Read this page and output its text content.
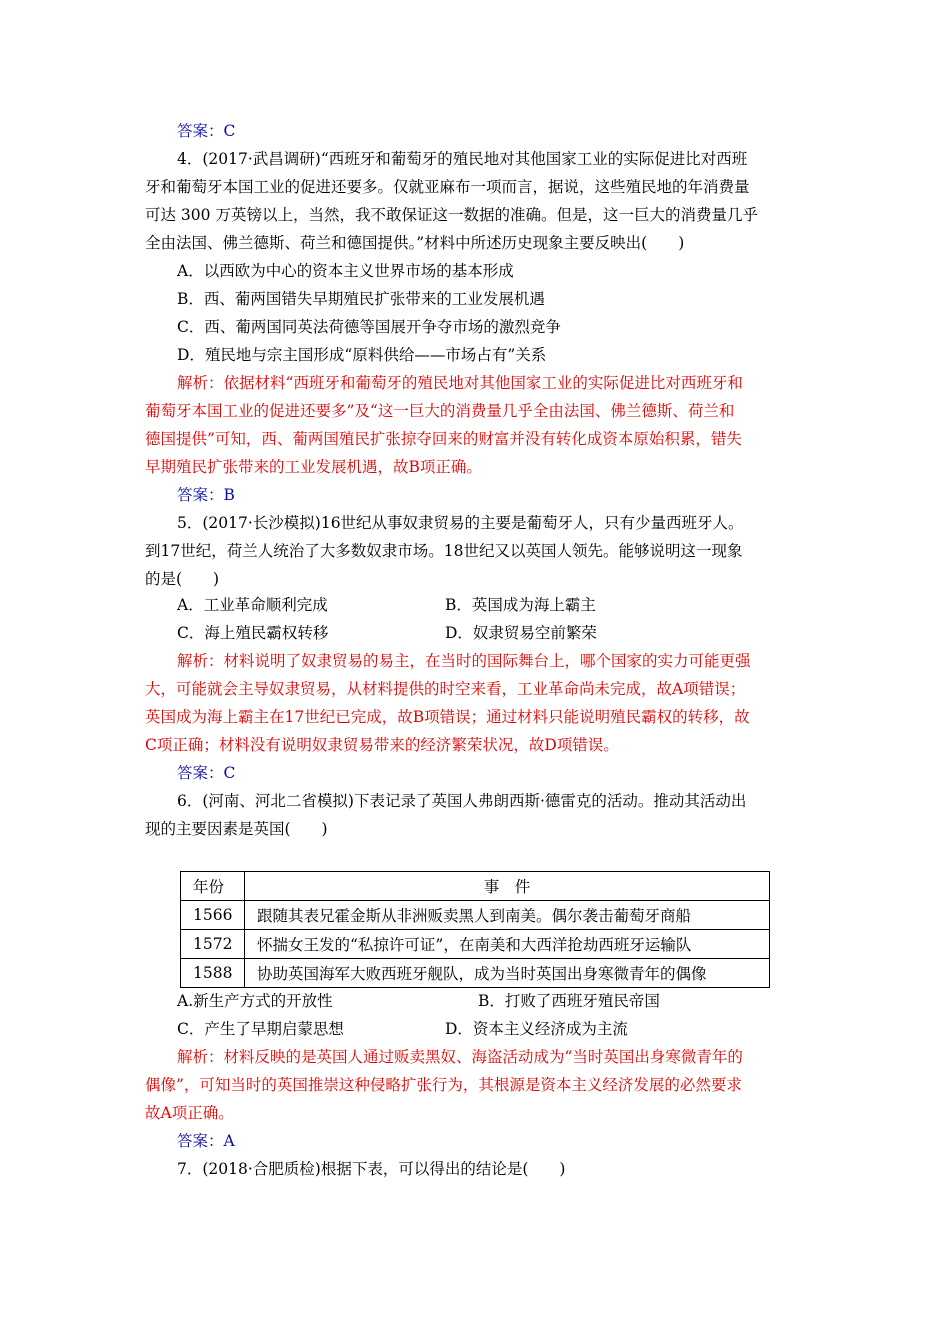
答案：C
4．(2017·武昌调研)“西班牙和葡萄牙的殖民地对其他国家工业的实际促进比对西班
牙和葡萄牙本国工业的促进还要多。仅就亚麻布一项而言，据说，这些殖民地的年消费量
可达 300 万英镑以上，当然，我不敢保证这一数据的准确。但是，这一巨大的消费量几乎
全由法国、佛兰德斯、荷兰和德国提供。”材料中所述历史现象主要反映出(　　)
A．以西欧为中心的资本主义世界市场的基本形成
B．西、葡两国错失早期殖民扩张带来的工业发展机遇
C．西、葡两国同英法荷德等国展开争夺市场的激烈竞争
D．殖民地与宗主国形成“原料供给——市场占有”关系
解析：依据材料“西班牙和葡萄牙的殖民地对其他国家工业的实际促进比对西班牙和
葡萄牙本国工业的促进还要多”及“这一巨大的消费量几乎全由法国、佛兰德斯、荷兰和
德国提供”可知，西、葡两国殖民扩张掠夺回来的财富并没有转化成资本原始积累，错失
早期殖民扩张带来的工业发展机遇，故B项正确。
答案：B
5．(2017·长沙模拟)16世纪从事奴隶贸易的主要是葡萄牙人，只有少量西班牙人。
到17世纪，荷兰人统治了大多数奴隶市场。18世纪又以英国人领先。能够说明这一现象
的是(　　)
A．工业革命顺利完成	B．英国成为海上霸主
C．海上殖民霸权转移	D．奴隶贸易空前繁荣
解析：材料说明了奴隶贸易的易主，在当时的国际舞台上，哪个国家的实力可能更强
大，可能就会主导奴隶贸易，从材料提供的时空来看，工业革命尚未完成，故A项错误；
英国成为海上霸主在17世纪已完成，故B项错误；通过材料只能说明殖民霸权的转移，故
C项正确；材料没有说明奴隶贸易带来的经济繁荣状况，故D项错误。
答案：C
6．(河南、河北二省模拟)下表记录了英国人弗朗西斯·德雷克的活动。推动其活动出
现的主要因素是英国(　　)
年份	事　件
1566	跟随其表兄霍金斯从非洲贩卖黑人到南美。偶尔袭击葡萄牙商船
1572	怀揣女王发的“私掠许可证”，在南美和大西洋抢劫西班牙运输队
1588	协助英国海军大败西班牙舰队，成为当时英国出身寒微青年的偶像
A.新生产方式的开放性	B．打败了西班牙殖民帝国
C．产生了早期启蒙思想	D．资本主义经济成为主流
解析：材料反映的是英国人通过贩卖黑奴、海盗活动成为“当时英国出身寒微青年的
偶像”，可知当时的英国推崇这种侵略扩张行为，其根源是资本主义经济发展的必然要求
故A项正确。
答案：A
7．(2018·合肥质检)根据下表，可以得出的结论是(　　)
